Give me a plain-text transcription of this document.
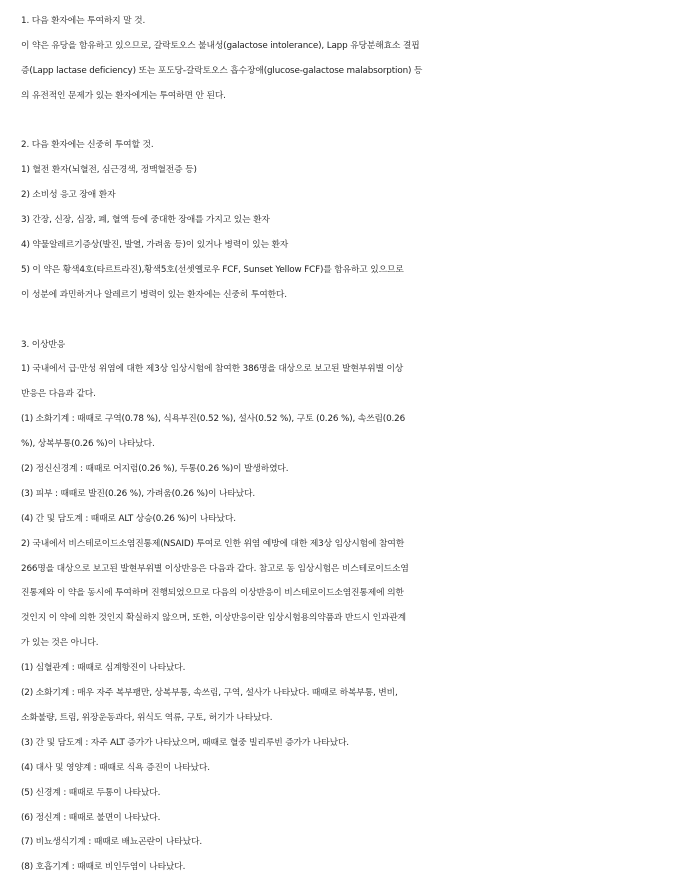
1. 다음 환자에는 투여하지 말 것.
이 약은 유당을 함유하고 있으므로, 갈락토오스 불내성(galactose intolerance), Lapp 유당분해효소 결핍
증(Lapp lactase deficiency) 또는 포도당-갈락토오스 흡수장애(glucose-galactose malabsorption) 등
의 유전적인 문제가 있는 환자에게는 투여하면 안 된다.
2. 다음 환자에는 신중히 투여할 것.
1) 혈전 환자(뇌혈전, 심근경색, 정맥혈전증 등)
2) 소비성 응고 장애 환자
3) 간장, 신장, 심장, 폐, 혈액 등에 중대한 장애를 가지고 있는 환자
4) 약물알레르기증상(발진, 발열, 가려움 등)이 있거나 병력이 있는 환자
5) 이 약은 황색4호(타르트라진),황색5호(선셋옐로우 FCF, Sunset Yellow FCF)를 함유하고 있으므로
이 성분에 과민하거나 알레르기 병력이 있는 환자에는 신중히 투여한다.
3. 이상반응
1) 국내에서 급·만성 위염에 대한 제3상 임상시험에 참여한 386명을 대상으로 보고된 발현부위별 이상
반응은 다음과 같다.
(1) 소화기계 : 때때로 구역(0.78 %), 식욕부진(0.52 %), 설사(0.52 %), 구토 (0.26 %), 속쓰림(0.26
%), 상복부통(0.26 %)이 나타났다.
(2) 정신신경계 : 때때로 어지럼(0.26 %), 두통(0.26 %)이 발생하였다.
(3) 피부 : 때때로 발진(0.26 %), 가려움(0.26 %)이 나타났다.
(4) 간 및 담도계 : 때때로 ALT 상승(0.26 %)이 나타났다.
2) 국내에서 비스테로이드소염진통제(NSAID) 투여로 인한 위염 예방에 대한 제3상 임상시험에 참여한
266명을 대상으로 보고된 발현부위별 이상반응은 다음과 같다. 참고로 동 임상시험은 비스테로이드소염
진통제와 이 약을 동시에 투여하며 진행되었으므로 다음의 이상반응이 비스테로이드소염진통제에 의한
것인지 이 약에 의한 것인지 확실하지 않으며, 또한, 이상반응이란 임상시험용의약품과 반드시 인과관계
가 있는 것은 아니다.
(1) 심혈관계 : 때때로 심계항진이 나타났다.
(2) 소화기계 : 매우 자주 복부팽만, 상복부통, 속쓰림, 구역, 설사가 나타났다. 때때로 하복부통, 변비,
소화불량, 트림, 위장운동과다, 위식도 역류, 구토, 허기가 나타났다.
(3) 간 및 담도계 : 자주 ALT 증가가 나타났으며, 때때로 혈중 빌리루빈 증가가 나타났다.
(4) 대사 및 영양계 : 때때로 식욕 증진이 나타났다.
(5) 신경계 : 때때로 두통이 나타났다.
(6) 정신계 : 때때로 불면이 나타났다.
(7) 비뇨생식기계 : 때때로 배뇨곤란이 나타났다.
(8) 호흡기계 : 때때로 비인두염이 나타났다.
